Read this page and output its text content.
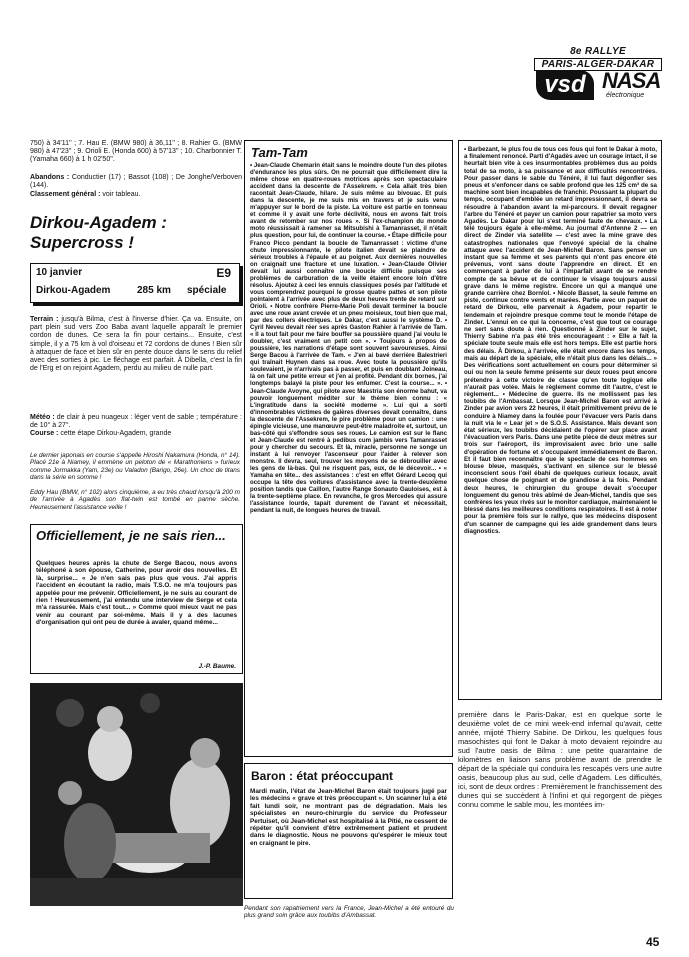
8e RALLYE
PARIS-ALGER-DAKAR
vsd NASA
électronique
750) à 34'11'' ; 7. Hau E. (BMW 980) à 36,11'' ; 8. Rahier G. (BMW 980) à 47'23'' ; 9. Orioli E. (Honda 600) à 57'13'' ; 10. Charbonnier T. (Yamaha 660) à 1 h 02'50''.
Abandons : Conductier (17) ; Bassot (108) ; De Jonghe/Verboven (144).
Classement général : voir tableau.
Dirkou-Agadem : Supercross !
10 janvier	E9
Dirkou-Agadem	285 km spéciale
Terrain : jusqu'à Bilma, c'est à l'inverse d'hier. Ça va. Ensuite, on part plein sud vers Zoo Baba avant laquelle apparaît le premier cordon de dunes. Ce sera la fin pour certains... Ensuite, c'est simple, il y a 75 km à vol d'oiseau et 72 cordons de dunes ! Bien sûr à attaquer de face et bien sûr en pente douce dans le sens du relief avec des sorties à pic. Le fléchage est parfait. À Dibella, c'est la fin de l'Erg et on rejoint Agadem, perdu au milieu de nulle part.
Météo : de clair à peu nuageux : léger vent de sable ; température : de 10° à 27°.
Course : cette étape Dirkou-Agadem, grande
Le dernier japonais en course s'appelle Hiroshi Nakamura (Honda, n° 14). Placé 21e à Niamey, il emmène un peloton de « Marathoniens » furieux comme Jormakka (Yam, 23e) ou Valadon (Barigo, 26e). Un choc de titans dans la série en somme !
Eddy Hau (BMW, n° 102) alors cinquième, a eu très chaud lorsqu'à 200 m de l'arrivée à Agadès son flat-twin est tombé en panne sèche. Heureusement l'assistance veille !
Officiellement, je ne sais rien...
Quelques heures après la chute de Serge Bacou, nous avons téléphoné à son épouse, Catherine, pour avoir des nouvelles. Et là, surprise... « Je n'en sais pas plus que vous. J'ai appris l'accident en écoutant la radio, mais T.S.O. ne m'a toujours pas appelée pour me prévenir. Officiellement, je ne suis au courant de rien ! Heureusement, j'ai entendu une interview de Serge et cela m'a rassurée. Mais c'est tout... » Comme quoi mieux vaut ne pas venir au courant par soi-même. Mais il y a des lacunes d'organisation qui ont peu de durée à avaler, quand même...
J.-P. Baume.
Pendant son rapatriement vers la France, Jean-Michel a été entouré du plus grand soin grâce aux toubibs d'Ambassat.
Tam-Tam
• Jean-Claude Chemarin était sans le moindre doute l'un des pilotes d'endurance les plus sûrs. On ne pourrait que difficilement dire la même chose en quatre-roues motrices après son spectaculaire accident dans la descente de l'Assekrem. « Cela allait très bien racontait Jean-Claude, hilare. Je suis même au bivouac. Et puis dans la descente, je me suis mis en travers et je suis venu m'appuyer sur le bord de la piste. La voiture est partie en tonneau et comme il y avait une forte déclivité, nous en avons fait trois avant de retomber sur nos roues ». Si l'ex-champion du monde moto réussissait à ramener sa Mitsubishi à Tamanrasset, il n'était plus question, pour lui, de continuer la course. • Étape difficile pour Franco Picco pendant la boucle de Tamanrasset : victime d'une chute impressionnante, le pilote italien devait se plaindre de sérieux troubles à l'épaule et au poignet. Aux dernières nouvelles on craignait une fracture et une luxation. • Jean-Claude Olivier devait lui aussi connaître une boucle difficile puisque ses problèmes de carburation de la veille étaient encore loin d'être résolus. Ajoutez à ceci les ennuis classiques posés par l'altitude et vous comprendrez pourquoi le grosse quatre pattes et son pilote pointaient à l'arrivée avec plus de deux heures trente de retard sur Orioli. • Notre confrère Pierre-Marie Poli devait terminer la boucle avec une roue avant crevée et un pneu moisieux, tout bien que mal, par des collers électriques. Le Dakar, c'est aussi le système D. • Cyril Neveu devait réer ses après Gaston Rahier à l'arrivée de Tam. « Il a tout fait pour me faire bouffer sa poussière quand j'ai voulu le doubler, c'est vraiment un petit con ». • Toujours à propos de poussière, les narrations d'étape sont souvent savoureuses. Ainsi Serge Bacou à l'arrivée de Tam. « J'en ai bavé derrière Balestrieri qui traînait Huynen dans sa roue. Avec toute la poussière qu'ils soulevaient, je n'arrivais pas à passer, et puis en doublant Joineau, là on fait une petite erreur et j'en ai profité. Pendant dix bornes, j'ai longtemps balayé la piste pour les enfumer. C'est la course... ». • Jean-Claude Avoyne, qui pilote avec Maestria son énorme bahut, va pouvoir longuement méditer sur le thème bien connu : « L'ingratitude dans la société moderne ». Lui qui a sorti d'innombrables victimes de galères diverses devait connaître, dans la descente de l'Assekrem, le pire problème pour un camion : une épingle vicieuse, une manœuvre peut-être maladroite et, surtout, un bas-côté qui s'effondre sous ses roues. Le camion est sur le flanc et Jean-Claude est rentré à pedibus cum jambis vers Tamanrasset pour y chercher du secours. Et là, miracle, personne ne songe un instant à lui renvoyer l'ascenseur pour l'aider à relever son monstre. Il devra, seul, trouver les moyens de se débrouiller avec les gens de là-bas. Qui ne risquent pas, eux, de le décevoir... • « Yamaha en tête... des assistances : c'est en effet Gérard Lecoq qui occupe la tête des voitures d'assistance avec la trente-deuxième position tandis que Caillon, l'autre Range Sonauto Gauloises, est à la trente-septième place. En revanche, le gros Mercedes qui assure l'assistance lourde, tapait durement de l'avant et nécessitait, pendant la nuit, de longues heures de travail.
Baron : état préoccupant
Mardi matin, l'état de Jean-Michel Baron était toujours jugé par les médecins « grave et très préoccupant ». Un scanner lui a été fait lundi soir, ne montrant pas de dégradation. Mais les spécialistes en neuro-chirurgie du service du Professeur Pertuiset, où Jean-Michel est hospitalisé à la Pitié, ne cessent de répéter qu'il convient d'être extrêmement patient et prudent dans le diagnostic. Nous ne pouvons qu'espérer le mieux tout en craignant le pire.
• Barbezant, le plus fou de tous ces fous qui font le Dakar à moto, a finalement renoncé. Parti d'Agadès avec un courage intact, il se heurtait bien vite à ces insurmontables problèmes dus au poids total de sa moto, à sa puissance et aux difficultés rencontrées. Pour passer dans le sable du Ténéré, il lui faut dégonfler ses pneus et s'enfoncer dans ce sable profond que les 125 cm³ de sa machine sont bien incapables de franchir. Poussant la plupart du temps, occupant d'emblée un retard impressionnant, il devra se résoudre à l'abandon avant la mi-parcours. Il devait regagner l'arbre du Ténéré et payer un camion pour rapatrier sa moto vers Agadès. Le Dakar pour lui s'est terminé faute de chevaux. • La télé toujours égale à elle-même. Au journal d'Antenne 2 — en direct de Zinder via satellite — c'est avec la mine grave des catastrophes nationales que l'envoyé spécial de la chaîne attaque avec l'accident de Jean-Michel Baron. Sans penser un instant que sa femme et ses parents qui n'ont pas encore été prévenus, vont sans doute l'apprendre en direct. Et en commençant à parler de lui à l'imparfait avant de se rendre compte de sa bévue et de continuer le visage toujours aussi grave dans le même registre. Encore un qui a manqué une grande carrière chez Bornlol. • Nicole Basset, la seule femme en piste, continue contre vents et marées. Partie avec un paquet de retard de Dirkou, elle parvenait à Agadem, pour repartir le lendemain et rejoindre presque comme tout le monde l'étape de Zinder. L'ennui en ce qui la concerne, c'est que tout ce courage ne sert sans doute à rien. Questionné à Zinder sur le sujet, Thierry Sabine n'a pas été très encourageant : « Elle a fait la spéciale toute seule mais elle est hors temps. Elle est partie hors des délais. À Dirkou, à l'arrivée, elle était encore dans les temps, mais au départ de la spéciale, elle n'était plus dans les délais... » Des vérifications sont actuellement en cours pour déterminer si oui ou non la seule femme présente sur deux roues peut encore prétendre à cette victoire de classe qu'en toute logique elle n'aurait pas volée. Mais le règlement comme dit l'autre, c'est le règlement... • Médecine de guerre. Ils ne mollissent pas les toubibs de l'Ambassat. Lorsque Jean-Michel Baron est arrivé à Zinder par avion vers 22 heures, il était primitivement prévu de le conduire à Niamey dans la foulée pour l'évacuer vers Paris dans la nuit via le « Lear jet » de S.O.S. Assistance. Mais devant son état sérieux, les toubibs décidaient de l'opérer sur place avant l'évacuation vers Paris. Dans une petite pièce de deux mètres sur trois sur l'aéroport, ils improvisaient avec brio une salle d'opération de fortune et s'occupaient immédiatement de Baron. Et il faut bien reconnaître que le spectacle de ces hommes en blouse bleue, masqués, s'activant en silence sur le blessé inconscient sous l'œil ébahi de quelques curieux locaux, avait quelque chose de poignant et de grandiose à la fois. Pendant deux heures, le chirurgien du groupe devait s'occuper longuement du genou très abîmé de Jean-Michel, tandis que ses confrères les yeux rivés sur le monitor cardiaque, maintenaient le blessé dans les meilleures conditions respiratoires. Il est à noter pour la première fois sur le rallye, que les médecins disposent d'un scanner de campagne qui les aide grandement dans leurs diagnostics.
première dans le Paris-Dakar, est en quelque sorte le deuxième volet de ce mini week-end infernal qu'avait, cette année, mijoté Thierry Sabine. De Dirkou, les quelques fous masochistes qui font le Dakar à moto devaient rejoindre au sud l'autre oasis de Bilma : une petite quarantaine de kilomètres en liaison sans problème avant de prendre le départ de la spéciale qui conduira les rescapés vers une autre oasis, beaucoup plus au sud, celle d'Agadem. Les difficultés, ici, sont de deux ordres : Premièrement le franchissement des dunes qui se succèdent à l'infini et qui regorgent de pièges connu comme le sable mou, les montées im-
45
